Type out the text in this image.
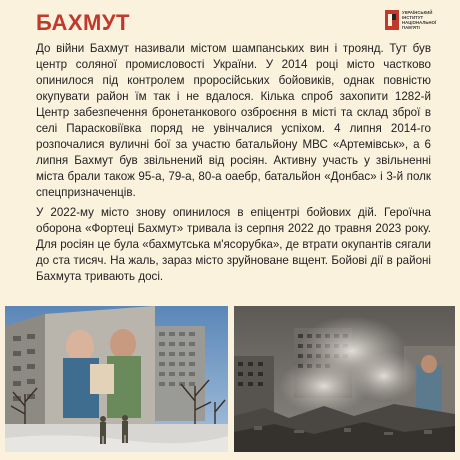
БАХМУТ	УКРАЇНСЬКИЙ
ІНСТИТУТ
НАЦІОНАЛЬНОЇ
ПАМ'ЯТІ

До війни Бахмут називали містом шампанських вин і троянд. Тут був центр соляної промисловості України. У 2014 році місто частково опинилося під контролем проросійських бойовиків, однак повністю окупувати район їм так і не вдалося. Кілька спроб захопити 1282-й Центр забезпечення бронетанкового озброєння в місті та склад зброї в селі Парасковіївка поряд не увінчалися успіхом. 4 липня 2014-го розпочалися вуличні бої за участю батальйону МВС «Артемівськ», а 6 липня Бахмут був звільнений від росіян. Активну участь у звільненні міста брали також 95-а, 79-а, 80-а оаебр, батальйон «Донбас» і 3-й полк спецпризначенців.

У 2022-му місто знову опинилося в епіцентрі бойових дій. Героїчна оборона «Фортеці Бахмут» тривала із серпня 2022 до травня 2023 року. Для росіян це була «бахмутська м'ясорубка», де втрати окупантів сягали до ста тисяч. На жаль, зараз місто зруйноване вщент. Бойові дії в районі Бахмута тривають досі.
